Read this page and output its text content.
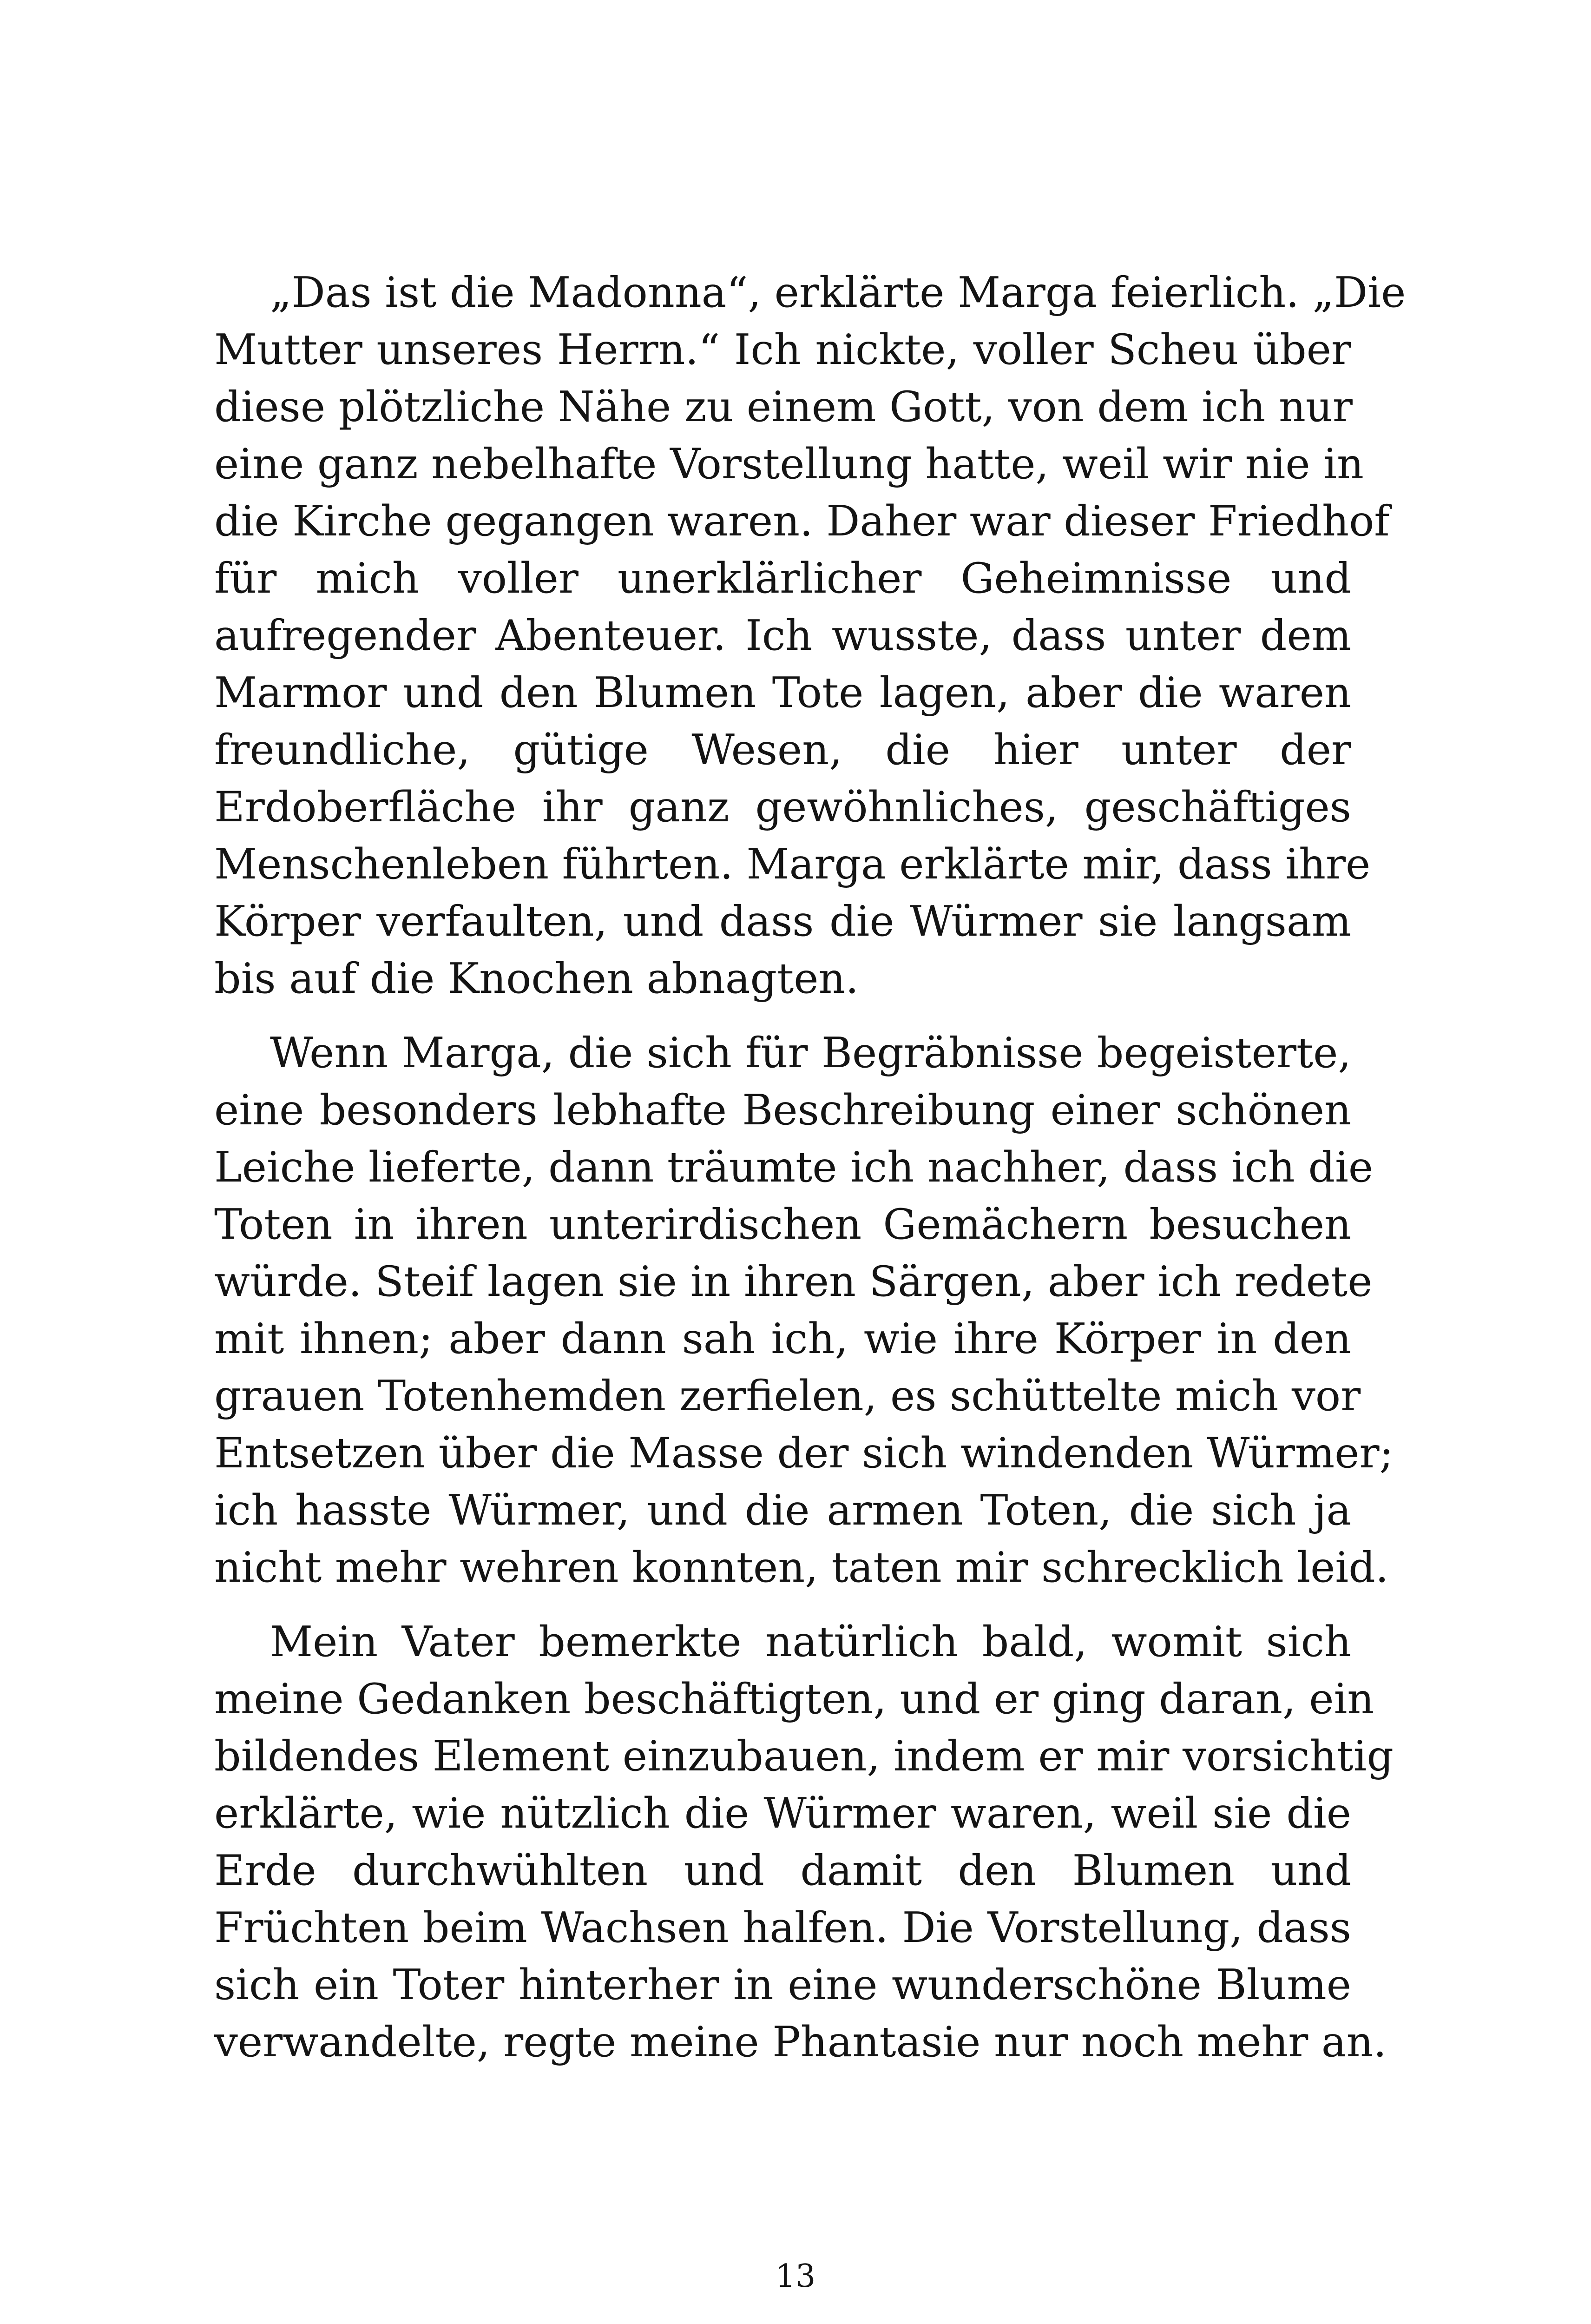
„Das ist die Madonna“, erklärte Marga feierlich. „Die
Mutter unseres Herrn.“ Ich nickte, voller Scheu über
diese plötzliche Nähe zu einem Gott, von dem ich nur
eine ganz nebelhafte Vorstellung hatte, weil wir nie in
die Kirche gegangen waren. Daher war dieser Friedhof
für mich voller unerklärlicher Geheimnisse und
aufregender Abenteuer. Ich wusste, dass unter dem
Marmor und den Blumen Tote lagen, aber die waren
freundliche, gütige Wesen, die hier unter der
Erdoberfläche ihr ganz gewöhnliches, geschäftiges
Menschenleben führten. Marga erklärte mir, dass ihre
Körper verfaulten, und dass die Würmer sie langsam
bis auf die Knochen abnagten.

Wenn Marga, die sich für Begräbnisse begeisterte,
eine besonders lebhafte Beschreibung einer schönen
Leiche lieferte, dann träumte ich nachher, dass ich die
Toten in ihren unterirdischen Gemächern besuchen
würde. Steif lagen sie in ihren Särgen, aber ich redete
mit ihnen; aber dann sah ich, wie ihre Körper in den
grauen Totenhemden zerfielen, es schüttelte mich vor
Entsetzen über die Masse der sich windenden Würmer;
ich hasste Würmer, und die armen Toten, die sich ja
nicht mehr wehren konnten, taten mir schrecklich leid.

Mein Vater bemerkte natürlich bald, womit sich
meine Gedanken beschäftigten, und er ging daran, ein
bildendes Element einzubauen, indem er mir vorsichtig
erklärte, wie nützlich die Würmer waren, weil sie die
Erde durchwühlten und damit den Blumen und
Früchten beim Wachsen halfen. Die Vorstellung, dass
sich ein Toter hinterher in eine wunderschöne Blume
verwandelte, regte meine Phantasie nur noch mehr an.

13
